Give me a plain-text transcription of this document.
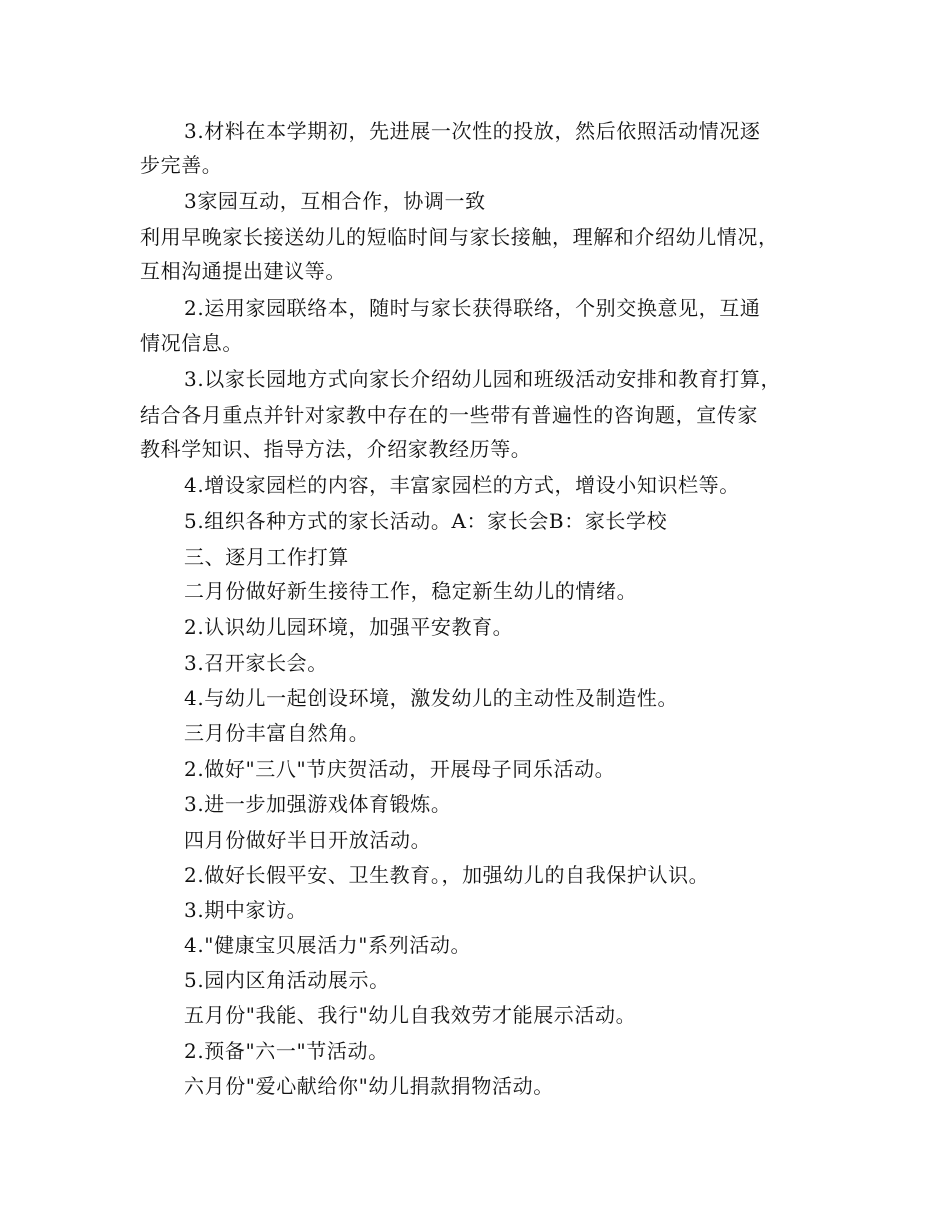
3.材料在本学期初，先进展一次性的投放，然后依照活动情况逐
步完善。
3家园互动，互相合作，协调一致
利用早晚家长接送幼儿的短临时间与家长接触，理解和介绍幼儿情况，
互相沟通提出建议等。
2.运用家园联络本，随时与家长获得联络，个别交换意见，互通
情况信息。
3.以家长园地方式向家长介绍幼儿园和班级活动安排和教育打算，
结合各月重点并针对家教中存在的一些带有普遍性的咨询题，宣传家
教科学知识、指导方法，介绍家教经历等。
4.增设家园栏的内容，丰富家园栏的方式，增设小知识栏等。
5.组织各种方式的家长活动。A：家长会B：家长学校
三、逐月工作打算
二月份做好新生接待工作，稳定新生幼儿的情绪。
2.认识幼儿园环境，加强平安教育。
3.召开家长会。
4.与幼儿一起创设环境，激发幼儿的主动性及制造性。
三月份丰富自然角。
2.做好"三八"节庆贺活动，开展母子同乐活动。
3.进一步加强游戏体育锻炼。
四月份做好半日开放活动。
2.做好长假平安、卫生教育。，加强幼儿的自我保护认识。
3.期中家访。
4."健康宝贝展活力"系列活动。
5.园内区角活动展示。
五月份"我能、我行"幼儿自我效劳才能展示活动。
2.预备"六一"节活动。
六月份"爱心献给你"幼儿捐款捐物活动。
